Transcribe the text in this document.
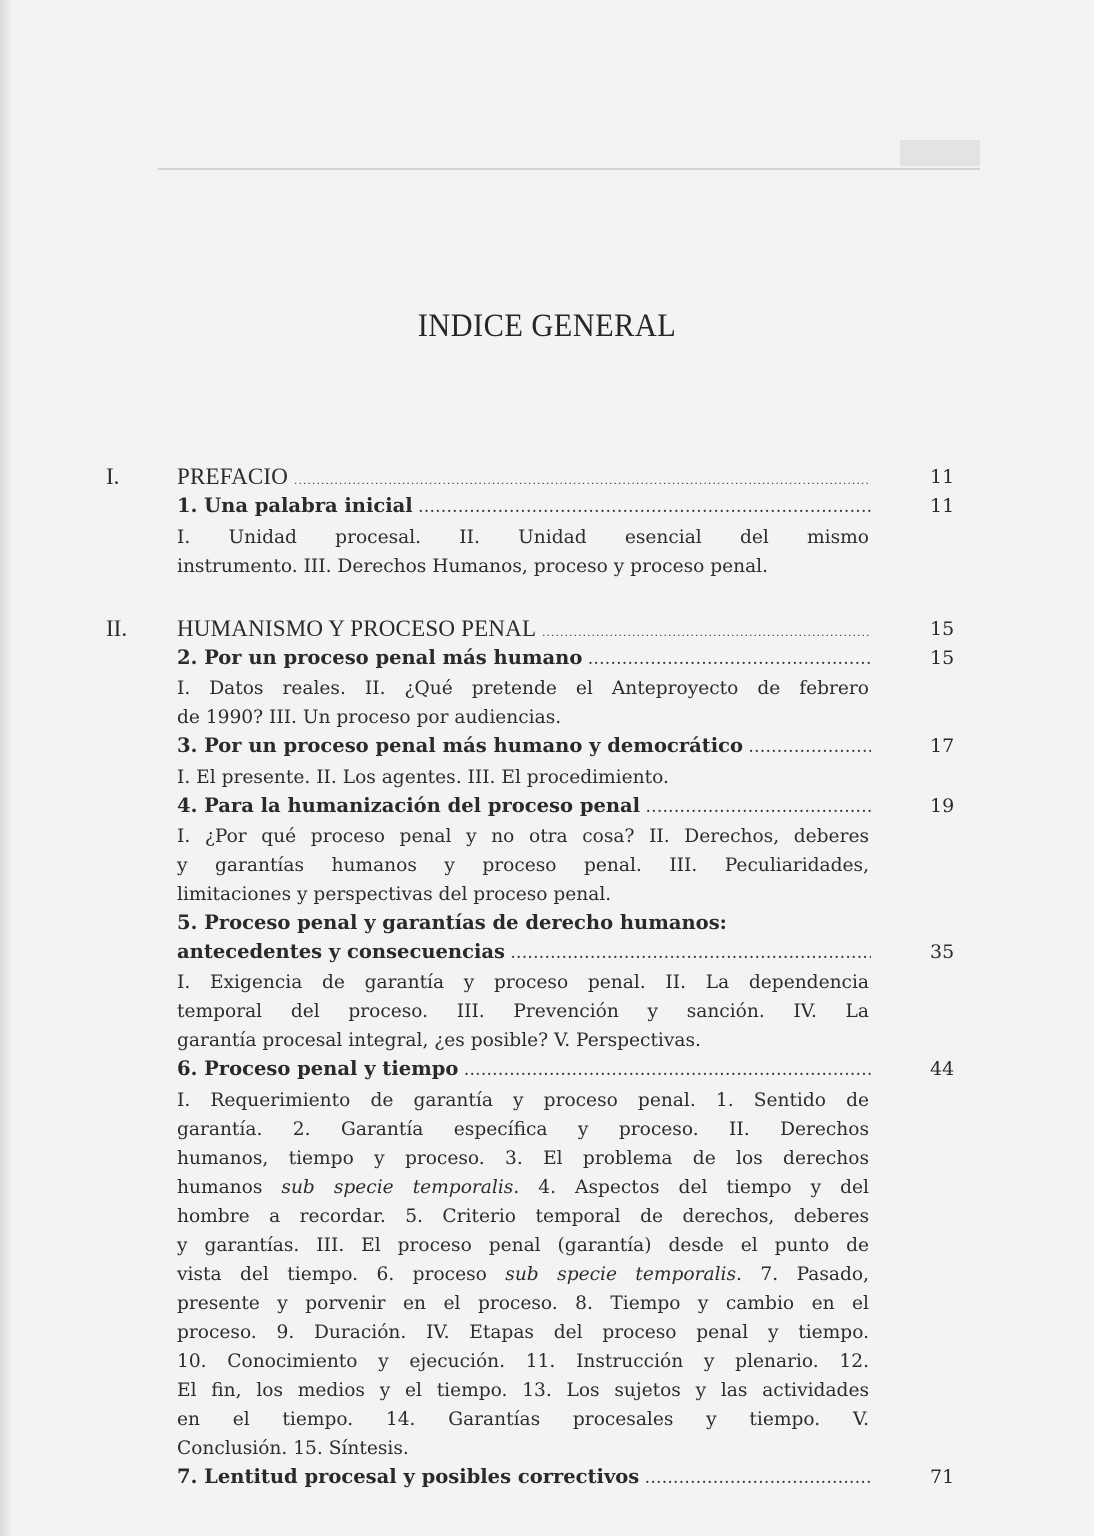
INDICE GENERAL
I.	PREFACIO .....	11
1. Una palabra inicial .....	11
I. Unidad procesal. II. Unidad esencial del mismo
instrumento. III. Derechos Humanos, proceso y proceso penal.
II. HUMANISMO Y PROCESO PENAL .....	15
2. Por un proceso penal más humano .....	15
I. Datos reales. II. ¿Qué pretende el Anteproyecto de febrero
de 1990? III. Un proceso por audiencias.
3. Por un proceso penal más humano y democrático .....	17
I. El presente. II. Los agentes. III. El procedimiento.
4. Para la humanización del proceso penal .....	19
I. ¿Por qué proceso penal y no otra cosa? II. Derechos, deberes
y garantías humanos y proceso penal. III. Peculiaridades,
limitaciones y perspectivas del proceso penal.
5. Proceso penal y garantías de derecho humanos:
antecedentes y consecuencias .....	35
I. Exigencia de garantía y proceso penal. II. La dependencia
temporal del proceso. III. Prevención y sanción. IV. La
garantía procesal integral, ¿es posible? V. Perspectivas.
6. Proceso penal y tiempo .....	44
I. Requerimiento de garantía y proceso penal. 1. Sentido de
garantía. 2. Garantía específica y proceso. II. Derechos
humanos, tiempo y proceso. 3. El problema de los derechos
humanos sub specie temporalis. 4. Aspectos del tiempo y del
hombre a recordar. 5. Criterio temporal de derechos, deberes
y garantías. III. El proceso penal (garantía) desde el punto de
vista del tiempo. 6. proceso sub specie temporalis. 7. Pasado,
presente y porvenir en el proceso. 8. Tiempo y cambio en el
proceso. 9. Duración. IV. Etapas del proceso penal y tiempo.
10. Conocimiento y ejecución. 11. Instrucción y plenario. 12.
El fin, los medios y el tiempo. 13. Los sujetos y las actividades
en el tiempo. 14. Garantías procesales y tiempo. V.
Conclusión. 15. Síntesis.
7. Lentitud procesal y posibles correctivos .....	71
